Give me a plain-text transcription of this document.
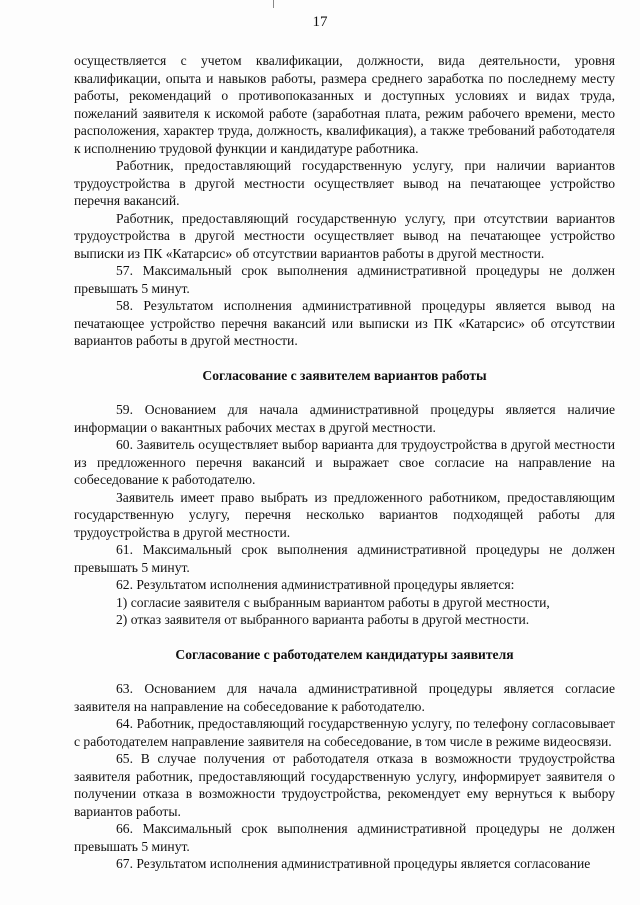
17

осуществляется с учетом квалификации, должности, вида деятельности, уровня квалификации, опыта и навыков работы, размера среднего заработка по последнему месту работы, рекомендаций о противопоказанных и доступных условиях и видах труда, пожеланий заявителя к искомой работе (заработная плата, режим рабочего времени, место расположения, характер труда, должность, квалификация), а также требований работодателя к исполнению трудовой функции и кандидатуре работника.

Работник, предоставляющий государственную услугу, при наличии вариантов трудоустройства в другой местности осуществляет вывод на печатающее устройство перечня вакансий.

Работник, предоставляющий государственную услугу, при отсутствии вариантов трудоустройства в другой местности осуществляет вывод на печатающее устройство выписки из ПК «Катарсис» об отсутствии вариантов работы в другой местности.

57. Максимальный срок выполнения административной процедуры не должен превышать 5 минут.

58. Результатом исполнения административной процедуры является вывод на печатающее устройство перечня вакансий или выписки из ПК «Катарсис» об отсутствии вариантов работы в другой местности.

Согласование с заявителем вариантов работы

59. Основанием для начала административной процедуры является наличие информации о вакантных рабочих местах в другой местности.

60. Заявитель осуществляет выбор варианта для трудоустройства в другой местности из предложенного перечня вакансий и выражает свое согласие на направление на собеседование к работодателю.

Заявитель имеет право выбрать из предложенного работником, предоставляющим государственную услугу, перечня несколько вариантов подходящей работы для трудоустройства в другой местности.

61. Максимальный срок выполнения административной процедуры не должен превышать 5 минут.

62. Результатом исполнения административной процедуры является:

1) согласие заявителя с выбранным вариантом работы в другой местности,

2) отказ заявителя от выбранного варианта работы в другой местности.

Согласование с работодателем кандидатуры заявителя

63. Основанием для начала административной процедуры является согласие заявителя на направление на собеседование к работодателю.

64. Работник, предоставляющий государственную услугу, по телефону согласовывает с работодателем направление заявителя на собеседование, в том числе в режиме видеосвязи.

65. В случае получения от работодателя отказа в возможности трудоустройства заявителя работник, предоставляющий государственную услугу, информирует заявителя о получении отказа в возможности трудоустройства, рекомендует ему вернуться к выбору вариантов работы.

66. Максимальный срок выполнения административной процедуры не должен превышать 5 минут.

67. Результатом исполнения административной процедуры является согласование
